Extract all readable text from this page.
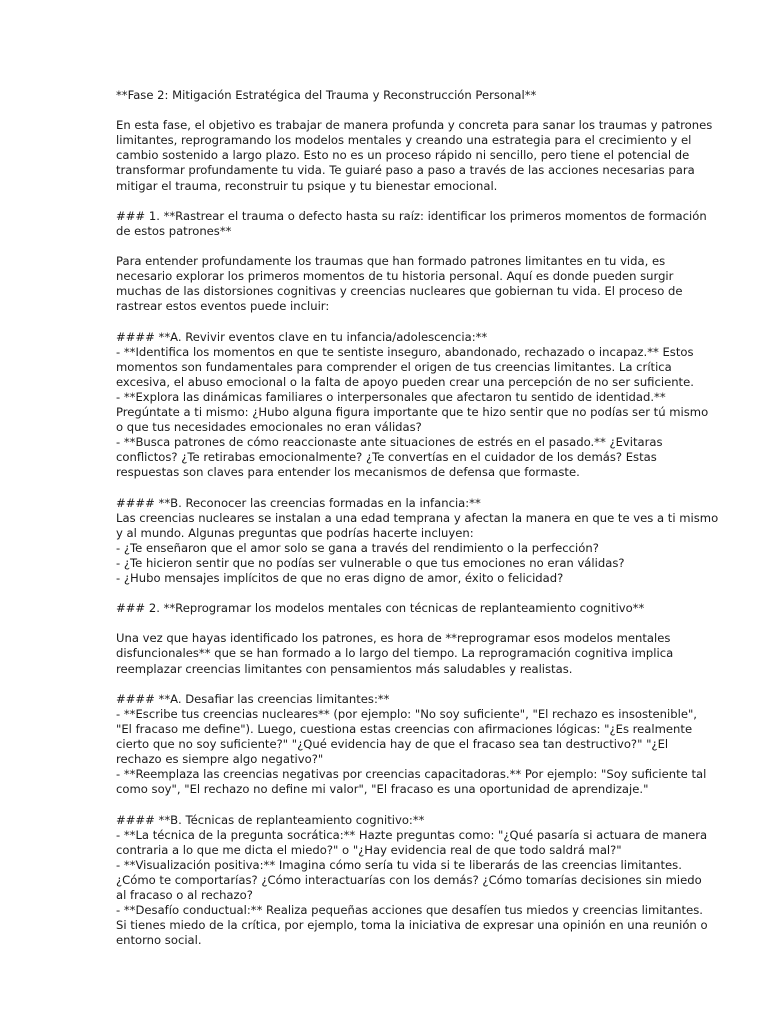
**Fase 2: Mitigación Estratégica del Trauma y Reconstrucción Personal**
En esta fase, el objetivo es trabajar de manera profunda y concreta para sanar los traumas y patrones
limitantes, reprogramando los modelos mentales y creando una estrategia para el crecimiento y el
cambio sostenido a largo plazo. Esto no es un proceso rápido ni sencillo, pero tiene el potencial de
transformar profundamente tu vida. Te guiaré paso a paso a través de las acciones necesarias para
mitigar el trauma, reconstruir tu psique y tu bienestar emocional.
### 1. **Rastrear el trauma o defecto hasta su raíz: identificar los primeros momentos de formación
de estos patrones**
Para entender profundamente los traumas que han formado patrones limitantes en tu vida, es
necesario explorar los primeros momentos de tu historia personal. Aquí es donde pueden surgir
muchas de las distorsiones cognitivas y creencias nucleares que gobiernan tu vida. El proceso de
rastrear estos eventos puede incluir:
#### **A. Revivir eventos clave en tu infancia/adolescencia:**
- **Identifica los momentos en que te sentiste inseguro, abandonado, rechazado o incapaz.** Estos
momentos son fundamentales para comprender el origen de tus creencias limitantes. La crítica
excesiva, el abuso emocional o la falta de apoyo pueden crear una percepción de no ser suficiente.
- **Explora las dinámicas familiares o interpersonales que afectaron tu sentido de identidad.**
Pregúntate a ti mismo: ¿Hubo alguna figura importante que te hizo sentir que no podías ser tú mismo
o que tus necesidades emocionales no eran válidas?
- **Busca patrones de cómo reaccionaste ante situaciones de estrés en el pasado.** ¿Evitaras
conflictos? ¿Te retirabas emocionalmente? ¿Te convertías en el cuidador de los demás? Estas
respuestas son claves para entender los mecanismos de defensa que formaste.
#### **B. Reconocer las creencias formadas en la infancia:**
Las creencias nucleares se instalan a una edad temprana y afectan la manera en que te ves a ti mismo
y al mundo. Algunas preguntas que podrías hacerte incluyen:
- ¿Te enseñaron que el amor solo se gana a través del rendimiento o la perfección?
- ¿Te hicieron sentir que no podías ser vulnerable o que tus emociones no eran válidas?
- ¿Hubo mensajes implícitos de que no eras digno de amor, éxito o felicidad?
### 2. **Reprogramar los modelos mentales con técnicas de replanteamiento cognitivo**
Una vez que hayas identificado los patrones, es hora de **reprogramar esos modelos mentales
disfuncionales** que se han formado a lo largo del tiempo. La reprogramación cognitiva implica
reemplazar creencias limitantes con pensamientos más saludables y realistas.
#### **A. Desafiar las creencias limitantes:**
- **Escribe tus creencias nucleares** (por ejemplo: "No soy suficiente", "El rechazo es insostenible",
"El fracaso me define"). Luego, cuestiona estas creencias con afirmaciones lógicas: "¿Es realmente
cierto que no soy suficiente?" "¿Qué evidencia hay de que el fracaso sea tan destructivo?" "¿El
rechazo es siempre algo negativo?"
- **Reemplaza las creencias negativas por creencias capacitadoras.** Por ejemplo: "Soy suficiente tal
como soy", "El rechazo no define mi valor", "El fracaso es una oportunidad de aprendizaje."
#### **B. Técnicas de replanteamiento cognitivo:**
- **La técnica de la pregunta socrática:** Hazte preguntas como: "¿Qué pasaría si actuara de manera
contraria a lo que me dicta el miedo?" o "¿Hay evidencia real de que todo saldrá mal?"
- **Visualización positiva:** Imagina cómo sería tu vida si te liberarás de las creencias limitantes.
¿Cómo te comportarías? ¿Cómo interactuarías con los demás? ¿Cómo tomarías decisiones sin miedo
al fracaso o al rechazo?
- **Desafío conductual:** Realiza pequeñas acciones que desafíen tus miedos y creencias limitantes.
Si tienes miedo de la crítica, por ejemplo, toma la iniciativa de expresar una opinión en una reunión o
entorno social.
